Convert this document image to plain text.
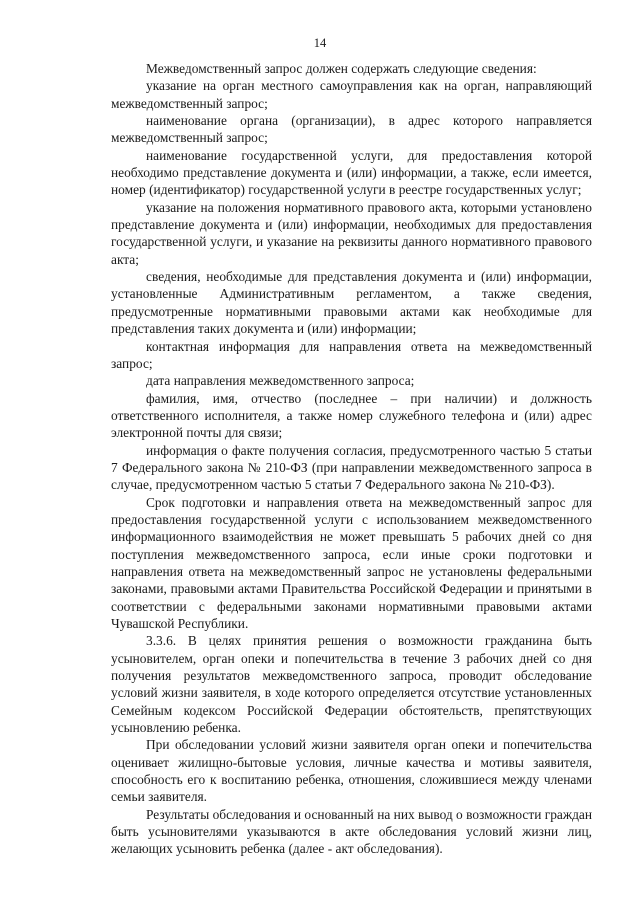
14

Межведомственный запрос должен содержать следующие сведения:

указание на орган местного самоуправления как на орган, направляющий межведомственный запрос;

наименование органа (организации), в адрес которого направляется межведомственный запрос;

наименование государственной услуги, для предоставления которой необходимо представление документа и (или) информации, а также, если имеется, номер (идентификатор) государственной услуги в реестре государственных услуг;

указание на положения нормативного правового акта, которыми установлено представление документа и (или) информации, необходимых для предоставления государственной услуги, и указание на реквизиты данного нормативного правового акта;

сведения, необходимые для представления документа и (или) информации, установленные Административным регламентом, а также сведения, предусмотренные нормативными правовыми актами как необходимые для представления таких документа и (или) информации;

контактная информация для направления ответа на межведомственный запрос;

дата направления межведомственного запроса;

фамилия, имя, отчество (последнее – при наличии) и должность ответственного исполнителя, а также номер служебного телефона и (или) адрес электронной почты для связи;

информация о факте получения согласия, предусмотренного частью 5 статьи 7 Федерального закона № 210-ФЗ (при направлении межведомственного запроса в случае, предусмотренном частью 5 статьи 7 Федерального закона № 210-ФЗ).

Срок подготовки и направления ответа на межведомственный запрос для предоставления государственной услуги с использованием межведомственного информационного взаимодействия не может превышать 5 рабочих дней со дня поступления межведомственного запроса, если иные сроки подготовки и направления ответа на межведомственный запрос не установлены федеральными законами, правовыми актами Правительства Российской Федерации и принятыми в соответствии с федеральными законами нормативными правовыми актами Чувашской Республики.

3.3.6. В целях принятия решения о возможности гражданина быть усыновителем, орган опеки и попечительства в течение 3 рабочих дней со дня получения результатов межведомственного запроса, проводит обследование условий жизни заявителя, в ходе которого определяется отсутствие установленных Семейным кодексом Российской Федерации обстоятельств, препятствующих усыновлению ребенка.

При обследовании условий жизни заявителя орган опеки и попечительства оценивает жилищно-бытовые условия, личные качества и мотивы заявителя, способность его к воспитанию ребенка, отношения, сложившиеся между членами семьи заявителя.

Результаты обследования и основанный на них вывод о возможности граждан быть усыновителями указываются в акте обследования условий жизни лиц, желающих усыновить ребенка (далее - акт обследования).
